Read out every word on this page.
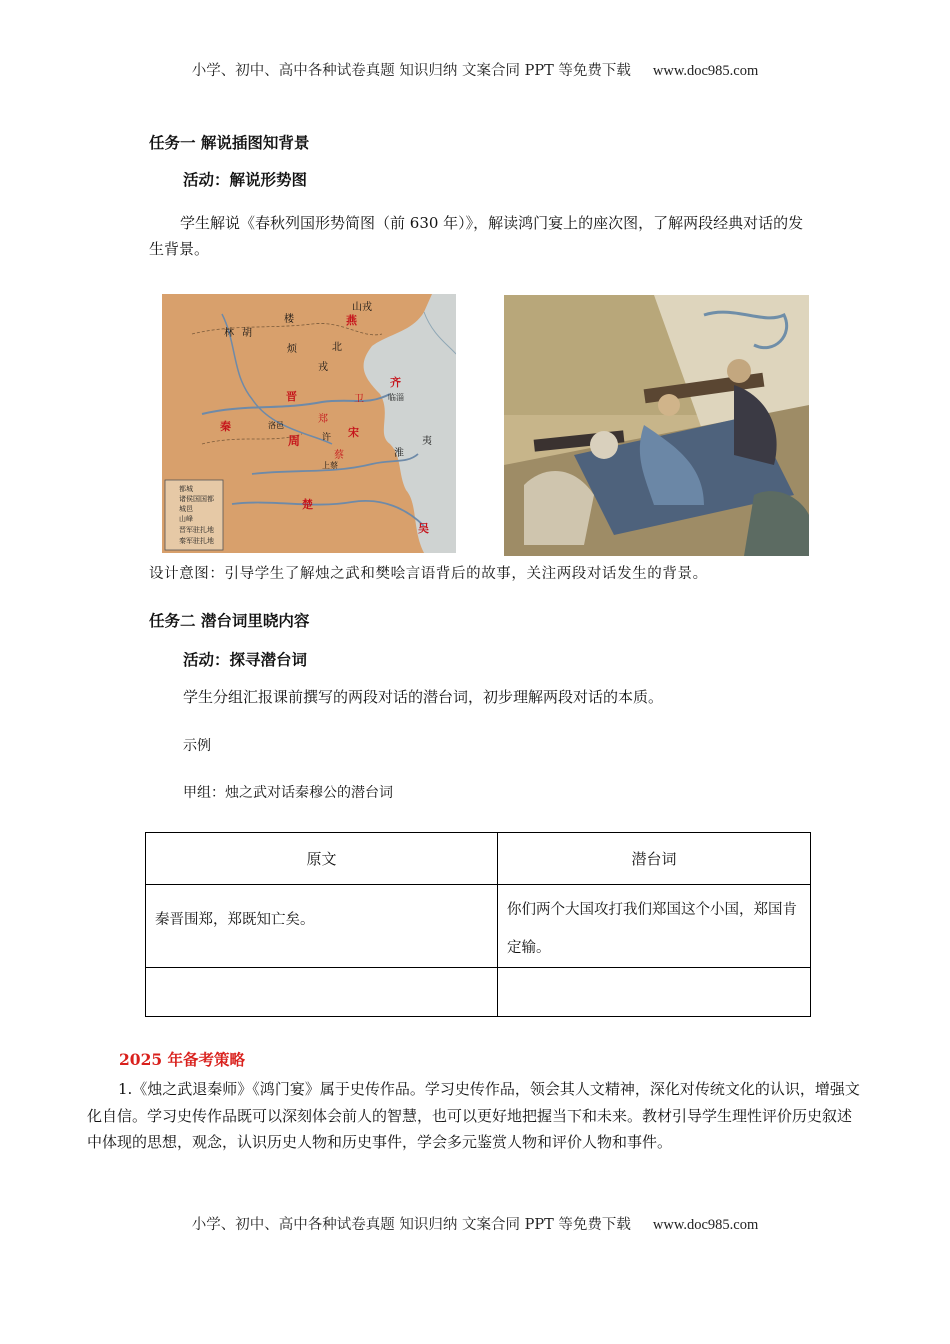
小学、初中、高中各种试卷真题 知识归纳 文案合同 PPT 等免费下载 www.doc985.com
任务一 解说插图知背景
活动：解说形势图
学生解说《春秋列国形势简图（前 630 年）》，解读鸿门宴上的座次图，了解两段经典对话的发生背景。
山戎
楼
林 胡
燕
烦	北
戎
齐
晋	卫
秦
周
郑
宋
许
蔡	淮
夷
楚
吴
临淄
洛邑
上蔡
都城
诸侯国国都
城邑
山峰
晋军驻扎地
秦军驻扎地
设计意图：引导学生了解烛之武和樊哙言语背后的故事，关注两段对话发生的背景。
任务二 潜台词里晓内容
活动：探寻潜台词
学生分组汇报课前撰写的两段对话的潜台词，初步理解两段对话的本质。
示例
甲组：烛之武对话秦穆公的潜台词
原文	潜台词
秦晋围郑，郑既知亡矣。	你们两个大国攻打我们郑国这个小国，郑国肯定输。

2025 年备考策略
1.《烛之武退秦师》《鸿门宴》属于史传作品。学习史传作品，领会其人文精神，深化对传统文化的认识，增强文化自信。学习史传作品既可以深刻体会前人的智慧，也可以更好地把握当下和未来。教材引导学生理性评价历史叙述中体现的思想，观念，认识历史人物和历史事件，学会多元鉴赏人物和评价人物和事件。
小学、初中、高中各种试卷真题 知识归纳 文案合同 PPT 等免费下载 www.doc985.com
